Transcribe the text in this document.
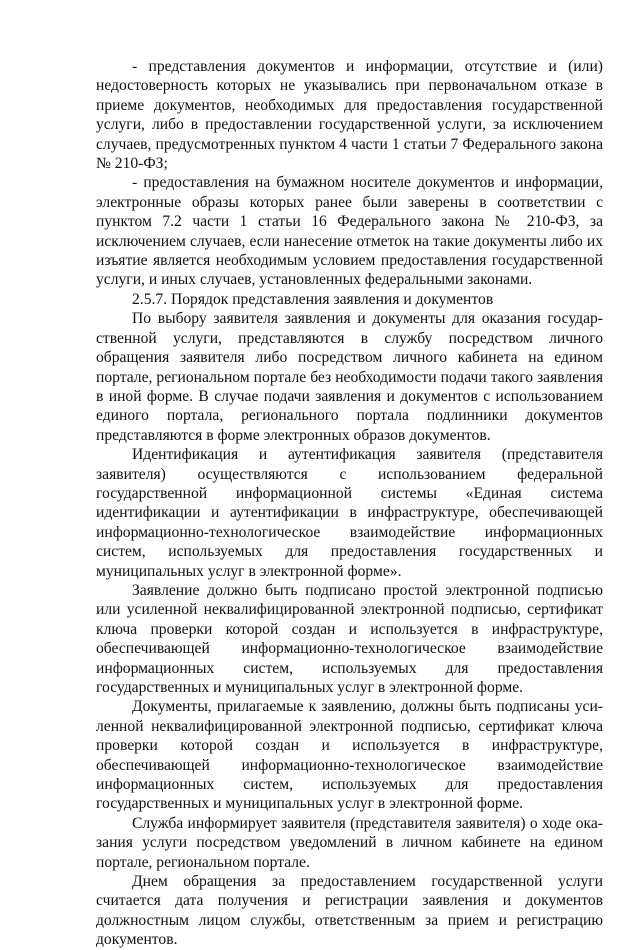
- представления документов и информации, отсутствие и (или) недостоверность которых не указывались при первоначальном отказе в приеме документов, необходимых для предоставления государственной услуги, либо в предоставлении государственной услуги, за исключением случаев, предусмотренных пунктом 4 части 1 статьи 7 Федерального закона № 210-ФЗ;

- предоставления на бумажном носителе документов и информации, электронные образы которых ранее были заверены в соответствии с пунктом 7.2 части 1 статьи 16 Федерального закона № 210-ФЗ, за исключением случаев, если нанесение отметок на такие документы либо их изъятие является необходимым условием предоставления государственной услуги, и иных случаев, установленных федеральными законами.

2.5.7. Порядок представления заявления и документов

По выбору заявителя заявления и документы для оказания государственной услуги, представляются в службу посредством личного обращения заявителя либо посредством личного кабинета на едином портале, региональном портале без необходимости подачи такого заявления в иной форме. В случае подачи заявления и документов с использованием единого портала, регионального портала подлинники документов представляются в форме электронных образов документов.

Идентификация и аутентификация заявителя (представителя заявителя) осуществляются с использованием федеральной государственной информационной системы «Единая система идентификации и аутентификации в инфраструктуре, обеспечивающей информационно-технологическое взаимодействие информационных систем, используемых для предоставления государственных и муниципальных услуг в электронной форме».

Заявление должно быть подписано простой электронной подписью или усиленной неквалифицированной электронной подписью, сертификат ключа проверки которой создан и используется в инфраструктуре, обеспечивающей информационно-технологическое взаимодействие информационных систем, используемых для предоставления государственных и муниципальных услуг в электронной форме.

Документы, прилагаемые к заявлению, должны быть подписаны усиленной неквалифицированной электронной подписью, сертификат ключа проверки которой создан и используется в инфраструктуре, обеспечивающей информационно-технологическое взаимодействие информационных систем, используемых для предоставления государственных и муниципальных услуг в электронной форме.

Служба информирует заявителя (представителя заявителя) о ходе оказания услуги посредством уведомлений в личном кабинете на едином портале, региональном портале.

Днем обращения за предоставлением государственной услуги считается дата получения и регистрации заявления и документов должностным лицом службы, ответственным за прием и регистрацию документов.
